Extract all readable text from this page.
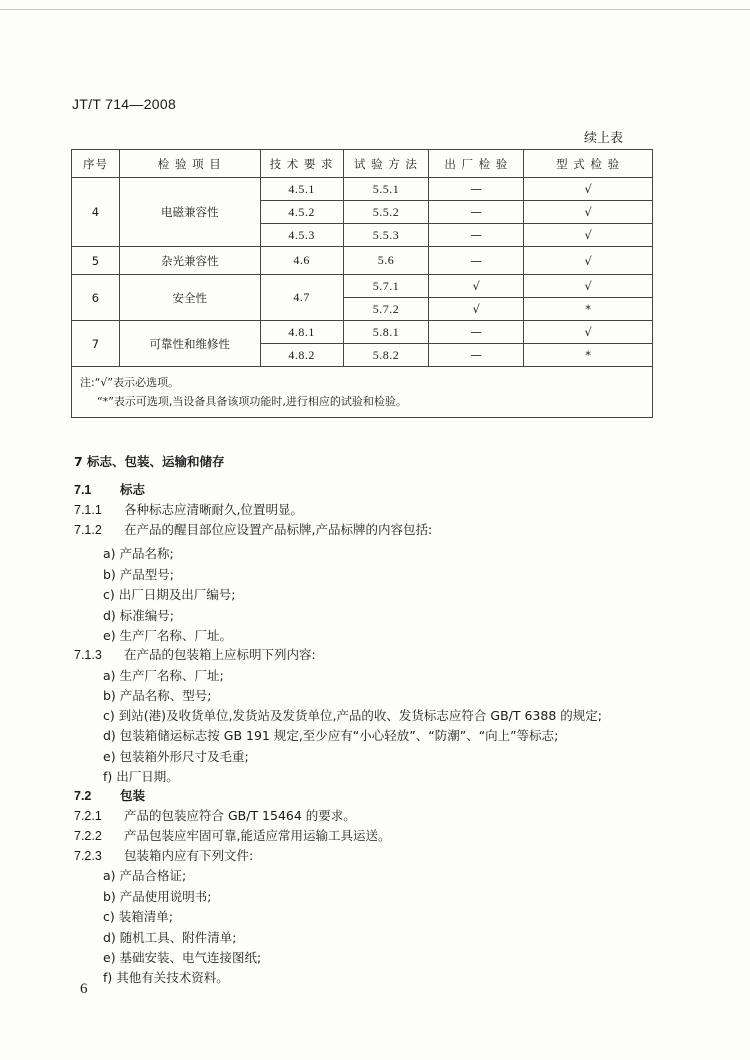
JT/T 714—2008
续上表
序号	检 验 项 目	技 术 要 求	试 验 方 法	出 厂 检 验	型 式 检 验
4	电磁兼容性	4.5.1	5.5.1	—	√
		4.5.2	5.5.2	—	√
		4.5.3	5.5.3	—	√
5	杂光兼容性	4.6	5.6	—	√
6	安全性	4.7	5.7.1	√	√
			5.7.2	√	*
7	可靠性和维修性	4.8.1	5.8.1	—	√
		4.8.2	5.8.2	—	*

注:“√”表示必选项。
“*”表示可选项,当设备具备该项功能时,进行相应的试验和检验。					
7 标志、包装、运输和储存
7.1 标志
7.1.1 各种标志应清晰耐久,位置明显。
7.1.2 在产品的醒目部位应设置产品标牌,产品标牌的内容包括:
a) 产品名称;
b) 产品型号;
c) 出厂日期及出厂编号;
d) 标准编号;
e) 生产厂名称、厂址。
7.1.3 在产品的包装箱上应标明下列内容:
a) 生产厂名称、厂址;
b) 产品名称、型号;
c) 到站(港)及收货单位,发货站及发货单位,产品的收、发货标志应符合 GB/T 6388 的规定;
d) 包装箱储运标志按 GB 191 规定,至少应有“小心轻放”、“防潮”、“向上”等标志;
e) 包装箱外形尺寸及毛重;
f) 出厂日期。
7.2 包装
7.2.1 产品的包装应符合 GB/T 15464 的要求。
7.2.2 产品包装应牢固可靠,能适应常用运输工具运送。
7.2.3 包装箱内应有下列文件:
a) 产品合格证;
b) 产品使用说明书;
c) 装箱清单;
d) 随机工具、附件清单;
e) 基础安装、电气连接图纸;
f) 其他有关技术资料。
6
